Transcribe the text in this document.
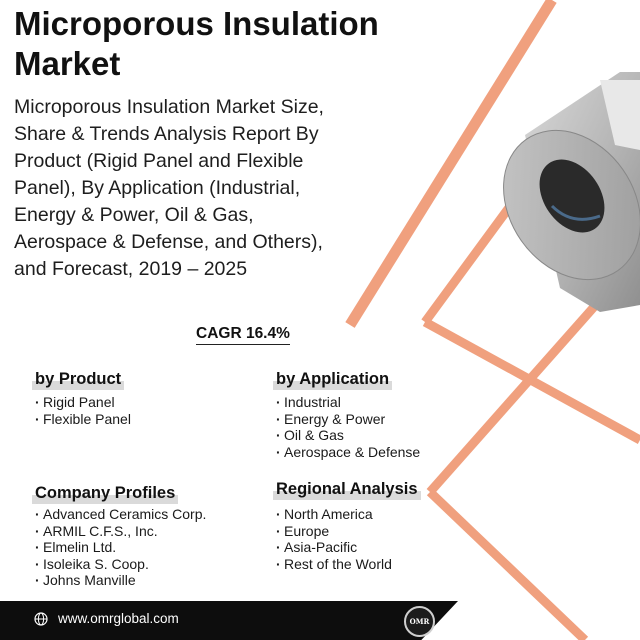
Microporous Insulation Market

Microporous Insulation Market Size, Share & Trends Analysis Report By Product (Rigid Panel and Flexible Panel), By Application (Industrial, Energy & Power, Oil & Gas, Aerospace & Defense, and Others), and Forecast, 2019 – 2025

CAGR 16.4%
by Product
· Rigid Panel
· Flexible Panel
by Application
· Industrial
· Energy & Power
· Oil & Gas
· Aerospace & Defense
Company Profiles
· Advanced Ceramics Corp.
· ARMIL C.F.S., Inc.
· Elmelin Ltd.
· Isoleika S. Coop.
· Johns Manville
Regional Analysis
· North America
· Europe
· Asia-Pacific
· Rest of the World
www.omrglobal.com	OMR
